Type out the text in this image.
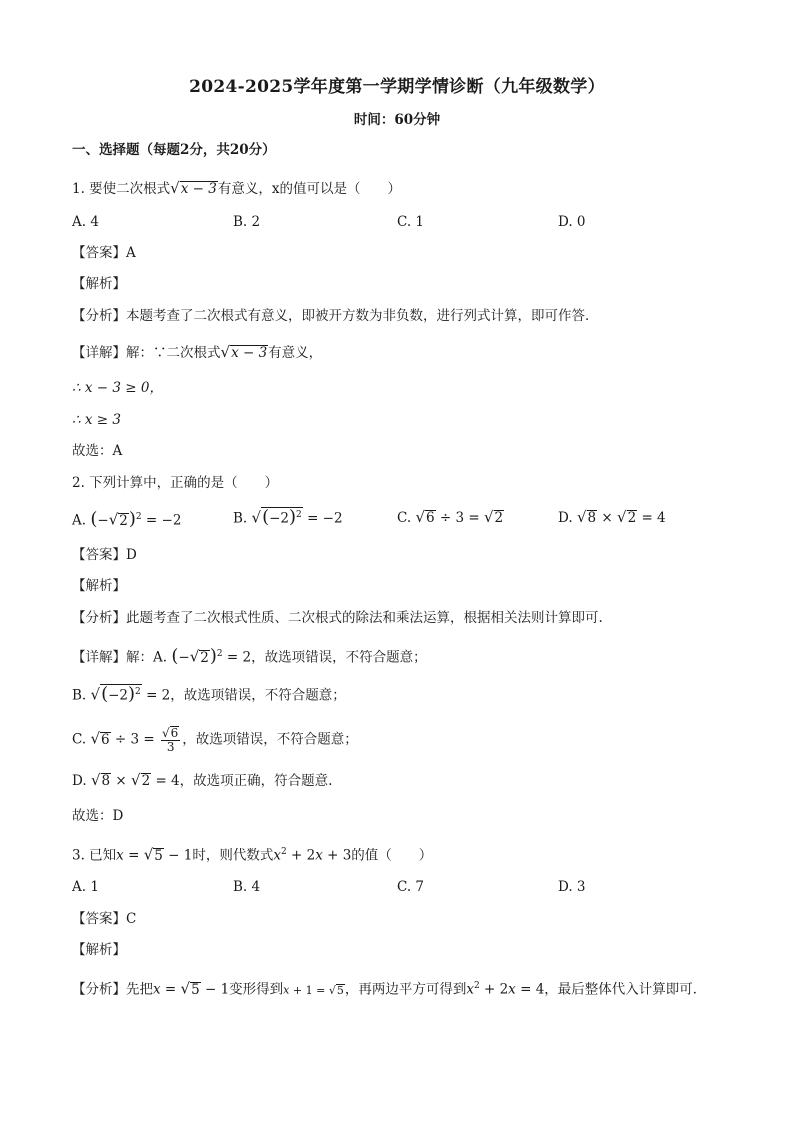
2024-2025学年度第一学期学情诊断（九年级数学）
时间：60分钟
一、选择题（每题2分，共20分）
1. 要使二次根式√x − 3有意义，x的值可以是（　　）
A. 4	B. 2	C. 1	D. 0
【答案】A
【解析】
【分析】本题考查了二次根式有意义，即被开方数为非负数，进行列式计算，即可作答．
【详解】解：∵二次根式√x − 3有意义，
∴ x − 3 ≥ 0，
∴ x ≥ 3
故选：A
2. 下列计算中，正确的是（　　）
A. $(-√2)^2 = -2$	B. $√(-2)^2 = -2$	C. √6 ÷ 3 = √2	D. √8 × √2 = 4
【答案】D
【解析】
【分析】此题考查了二次根式性质、二次根式的除法和乘法运算，根据相关法则计算即可.
【详解】解：A. $(-√2)^2 = 2$，故选项错误，不符合题意；
B. $√(-2)^2 = 2$，故选项错误，不符合题意；
C. $√6 \div 3 = \frac{√6}{3}$ ，故选项错误，不符合题意；
D. √8 × √2 = 4，故选项正确，符合题意.
故选：D
3. 已知x = √5 − 1时，则代数式$x^2 + 2x + 3$的值（　　）
A. 1	B. 4	C. 7	D. 3
【答案】C
【解析】
【分析】先把x = √5 − 1变形得到x + 1 = √5，再两边平方可得到$x^2 + 2x = 4$，最后整体代入计算即可．
